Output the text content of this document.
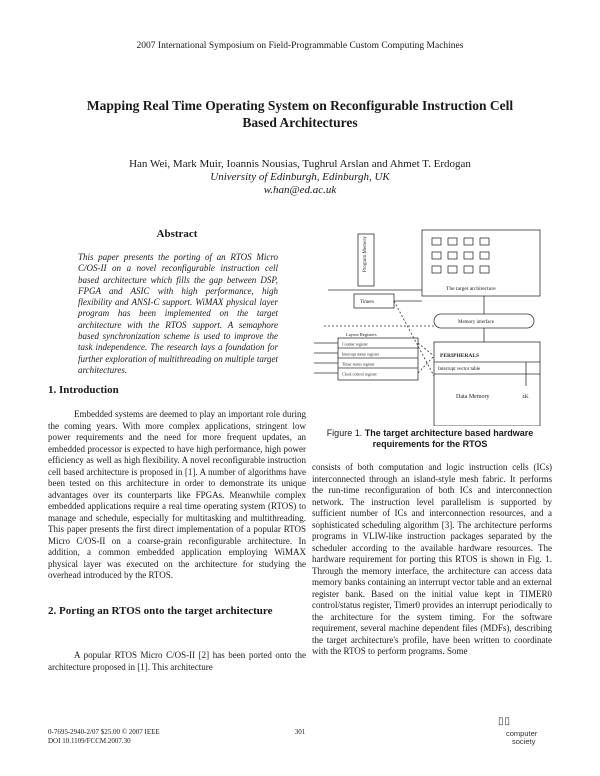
2007 International Symposium on Field-Programmable Custom Computing Machines
Mapping Real Time Operating System on Reconfigurable Instruction Cell
Based Architectures
Han Wei, Mark Muir, Ioannis Nousias, Tughrul Arslan and Ahmet T. Erdogan
University of Edinburgh, Edinburgh, UK
w.han@ed.ac.uk
Abstract
This paper presents the porting of an RTOS Micro C/OS-II on a novel reconfigurable instruction cell based architecture which fills the gap between DSP, FPGA and ASIC with high performance, high flexibility and ANSI-C support. WiMAX physical layer program has been implemented on the target architecture with the RTOS support. A semaphore based synchronization scheme is used to improve the task independence. The research lays a foundation for further exploration of multithreading on multiple target architectures.
1. Introduction
Embedded systems are deemed to play an important role during the coming years. With more complex applications, stringent low power requirements and the need for more frequent updates, an embedded processor is expected to have high performance, high power efficiency as well as high flexibility. A novel reconfigurable instruction cell based architecture is proposed in [1]. A number of algorithms have been tested on this architecture in order to demonstrate its unique advantages over its counterparts like FPGAs. Meanwhile complex embedded applications require a real time operating system (RTOS) to manage and schedule, especially for multitasking and multithreading. This paper presents the first direct implementation of a popular RTOS Micro C/OS-II on a coarse-grain reconfigurable architecture. In addition, a common embedded application employing WiMAX physical layer was executed on the architecture for studying the overhead introduced by the RTOS.
2. Porting an RTOS onto the target architecture
A popular RTOS Micro C/OS-II [2] has been ported onto the architecture proposed in [1]. This architecture
Program Memory
Timers
The target architecture
Memory interface
PERIPHERALS
Interrupt vector table
Data Memory	4K
Layout Registers
Counter register
Interrupt status register
Timer status register
Clock control register
Figure 1. The target architecture based hardware requirements for the RTOS
consists of both computation and logic instruction cells (ICs) interconnected through an island-style mesh fabric. It performs the run-time reconfiguration of both ICs and interconnection network. The instruction level parallelism is supported by sufficient number of ICs and interconnection resources, and a sophisticated scheduling algorithm [3]. The architecture performs programs in VLIW-like instruction packages separated by the scheduler according to the available hardware resources. The hardware requirement for porting this RTOS is shown in Fig. 1. Through the memory interface, the architecture can access data memory banks containing an interrupt vector table and an external register bank. Based on the initial value kept in TIMER0 control/status register, Timer0 provides an interrupt periodically to the architecture for the system timing. For the software requirement, several machine dependent files (MDFs), describing the target architecture's profile, have been written to coordinate with the RTOS to perform programs. Some
0-7695-2940-2/07 $25.00 © 2007 IEEE
DOI 10.1109/FCCM.2007.30
301
▯▯
computer
society
